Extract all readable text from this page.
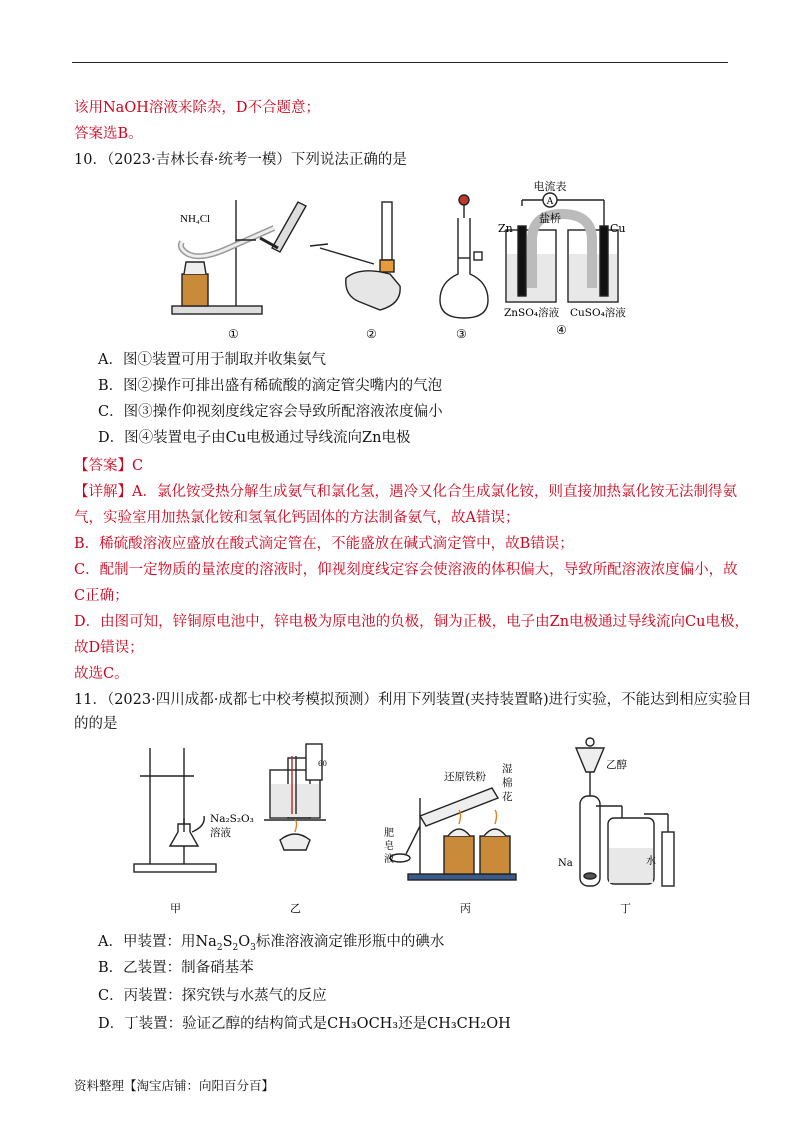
该用NaOH溶液来除杂，D不合题意；
答案选B。
10．（2023·吉林长春·统考一模）下列说法正确的是
NH₄Cl
①	②	③
电流表
A
盐桥
Zn	Cu
ZnSO₄溶液 CuSO₄溶液
④
A．图①装置可用于制取并收集氨气
B．图②操作可排出盛有稀硫酸的滴定管尖嘴内的气泡
C．图③操作仰视刻度线定容会导致所配溶液浓度偏小
D．图④装置电子由Cu电极通过导线流向Zn电极
【答案】C
【详解】A．氯化铵受热分解生成氨气和氯化氢，遇冷又化合生成氯化铵，则直接加热氯化铵无法制得氨
气，实验室用加热氯化铵和氢氧化钙固体的方法制备氨气，故A错误；
B．稀硫酸溶液应盛放在酸式滴定管在，不能盛放在碱式滴定管中，故B错误；
C．配制一定物质的量浓度的溶液时，仰视刻度线定容会使溶液的体积偏大，导致所配溶液浓度偏小，故
C正确；
D．由图可知，锌铜原电池中，锌电极为原电池的负极，铜为正极，电子由Zn电极通过导线流向Cu电极，
故D错误；
故选C。
11．（2023·四川成都·成都七中校考模拟预测）利用下列装置(夹持装置略)进行实验，不能达到相应实验目
的的是
Na₂S₂O₃
溶液
甲
60
乙
还原铁粉
湿
棉
花
肥
皂
液
丙
乙醇
Na	水
丁
A．甲装置：用$Na_2S_2O_3$标准溶液滴定锥形瓶中的碘水
B．乙装置：制备硝基苯
C．丙装置：探究铁与水蒸气的反应
D．丁装置：验证乙醇的结构简式是CH₃OCH₃还是CH₃CH₂OH
资料整理【淘宝店铺：向阳百分百】
